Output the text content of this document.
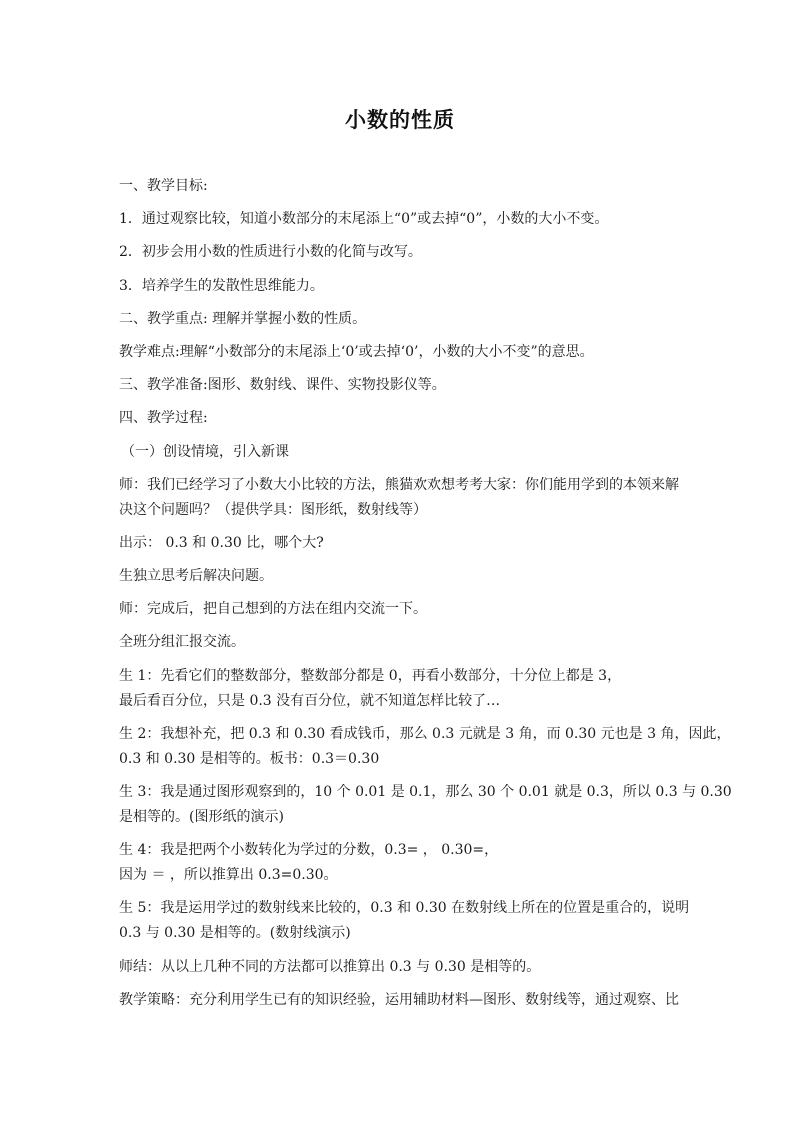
小数的性质
一、教学目标:
1．通过观察比较，知道小数部分的末尾添上“0”或去掉“0”，小数的大小不变。
2．初步会用小数的性质进行小数的化简与改写。
3．培养学生的发散性思维能力。
二、教学重点: 理解并掌握小数的性质。
教学难点:理解“小数部分的末尾添上‘0’或去掉‘0’，小数的大小不变”的意思。
三、教学准备:图形、数射线、课件、实物投影仪等。
四、教学过程:
（一）创设情境，引入新课
师：我们已经学习了小数大小比较的方法，熊猫欢欢想考考大家：你们能用学到的本领来解
决这个问题吗？（提供学具：图形纸，数射线等）
出示： 0.3 和 0.30 比，哪个大?
生独立思考后解决问题。
师：完成后，把自己想到的方法在组内交流一下。
全班分组汇报交流。
生 1：先看它们的整数部分，整数部分都是 0，再看小数部分，十分位上都是 3，
最后看百分位，只是 0.3 没有百分位，就不知道怎样比较了…
生 2：我想补充，把 0.3 和 0.30 看成钱币，那么 0.3 元就是 3 角，而 0.30 元也是 3 角，因此，
0.3 和 0.30 是相等的。板书：0.3＝0.30
生 3：我是通过图形观察到的，10 个 0.01 是 0.1，那么 30 个 0.01 就是 0.3，所以 0.3 与 0.30
是相等的。(图形纸的演示)
生 4：我是把两个小数转化为学过的分数，0.3= ， 0.30=，
因为 ＝ ，所以推算出 0.3=0.30。
生 5：我是运用学过的数射线来比较的，0.3 和 0.30 在数射线上所在的位置是重合的，说明
0.3 与 0.30 是相等的。(数射线演示)
师结：从以上几种不同的方法都可以推算出 0.3 与 0.30 是相等的。
教学策略：充分利用学生已有的知识经验，运用辅助材料—图形、数射线等，通过观察、比
